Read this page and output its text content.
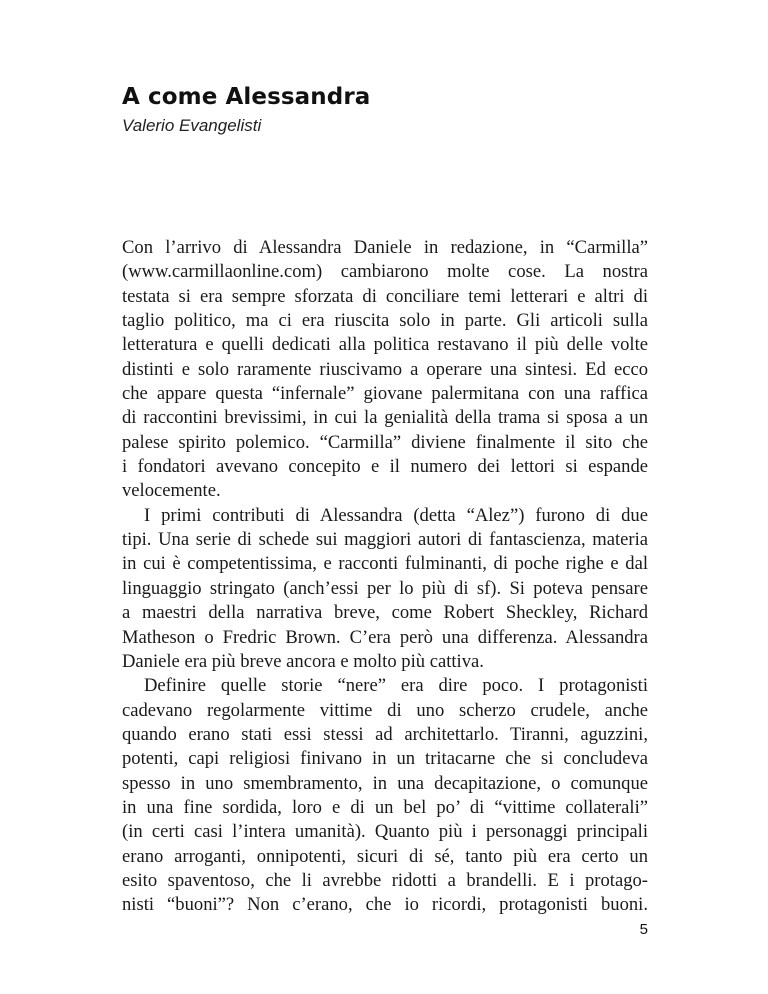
A come Alessandra

Valerio Evangelisti

Con l’arrivo di Alessandra Daniele in redazione, in “Carmilla”
(www.carmillaonline.com) cambiarono molte cose. La nostra
testata si era sempre sforzata di conciliare temi letterari e altri di
taglio politico, ma ci era riuscita solo in parte. Gli articoli sulla
letteratura e quelli dedicati alla politica restavano il più delle volte
distinti e solo raramente riuscivamo a operare una sintesi. Ed ecco
che appare questa “infernale” giovane palermitana con una raffica
di raccontini brevissimi, in cui la genialità della trama si sposa a un
palese spirito polemico. “Carmilla” diviene finalmente il sito che
i fondatori avevano concepito e il numero dei lettori si espande
velocemente.
I primi contributi di Alessandra (detta “Alez”) furono di due
tipi. Una serie di schede sui maggiori autori di fantascienza, materia
in cui è competentissima, e racconti fulminanti, di poche righe e dal
linguaggio stringato (anch’essi per lo più di sf). Si poteva pensare
a maestri della narrativa breve, come Robert Sheckley, Richard
Matheson o Fredric Brown. C’era però una differenza. Alessandra
Daniele era più breve ancora e molto più cattiva.
Definire quelle storie “nere” era dire poco. I protagonisti
cadevano regolarmente vittime di uno scherzo crudele, anche
quando erano stati essi stessi ad architettarlo. Tiranni, aguzzini,
potenti, capi religiosi finivano in un tritacarne che si concludeva
spesso in uno smembramento, in una decapitazione, o comunque
in una fine sordida, loro e di un bel po’ di “vittime collaterali”
(in certi casi l’intera umanità). Quanto più i personaggi principali
erano arroganti, onnipotenti, sicuri di sé, tanto più era certo un
esito spaventoso, che li avrebbe ridotti a brandelli. E i protago-
nisti “buoni”? Non c’erano, che io ricordi, protagonisti buoni.
5
